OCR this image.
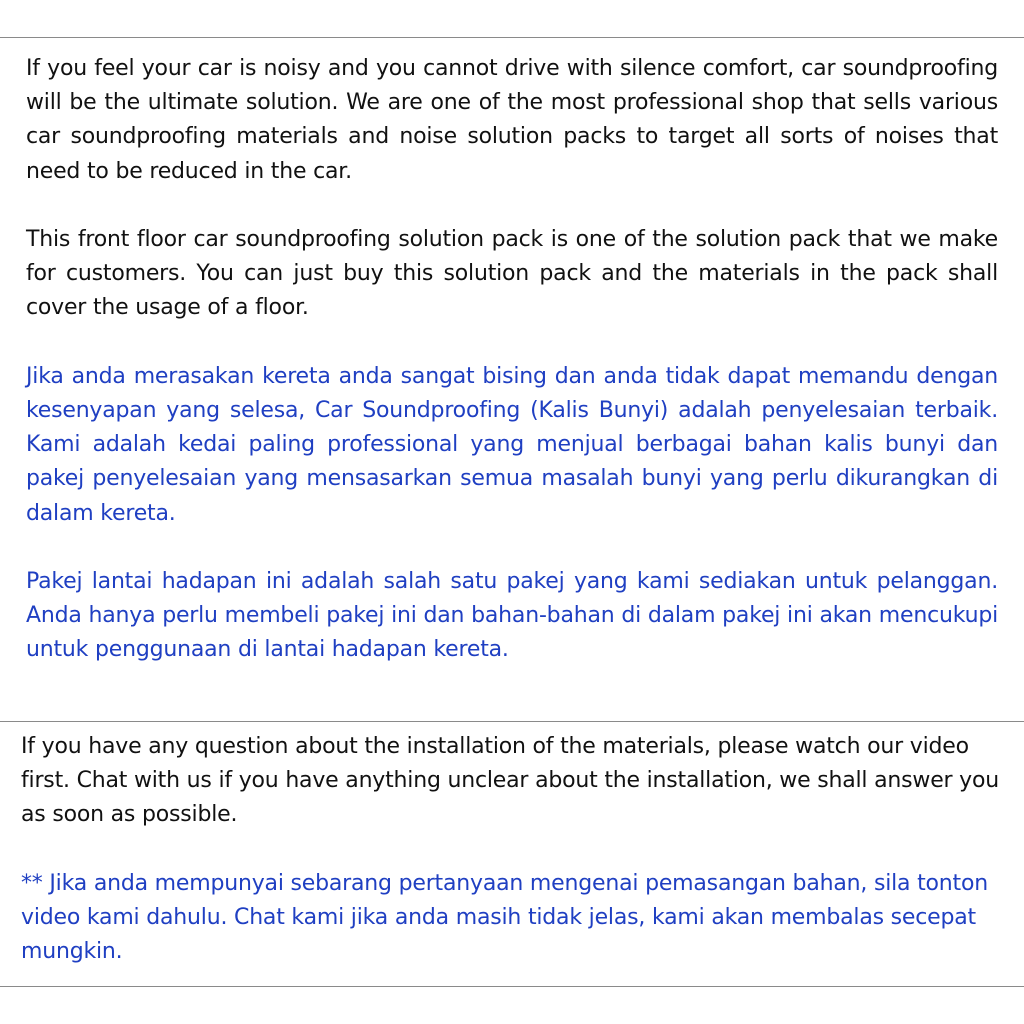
If you feel your car is noisy and you cannot drive with silence comfort, car soundproofing will be the ultimate solution. We are one of the most professional shop that sells various car soundproofing materials and noise solution packs to target all sorts of noises that need to be reduced in the car.

This front floor car soundproofing solution pack is one of the solution pack that we make for customers. You can just buy this solution pack and the materials in the pack shall cover the usage of a floor.

Jika anda merasakan kereta anda sangat bising dan anda tidak dapat memandu dengan kesenyapan yang selesa, Car Soundproofing (Kalis Bunyi) adalah penyelesaian terbaik. Kami adalah kedai paling professional yang menjual berbagai bahan kalis bunyi dan pakej penyelesaian yang mensasarkan semua masalah bunyi yang perlu dikurangkan di dalam kereta.

Pakej lantai hadapan ini adalah salah satu pakej yang kami sediakan untuk pelanggan. Anda hanya perlu membeli pakej ini dan bahan-bahan di dalam pakej ini akan mencukupi untuk penggunaan di lantai hadapan kereta.

If you have any question about the installation of the materials, please watch our video first. Chat with us if you have anything unclear about the installation, we shall answer you as soon as possible.

** Jika anda mempunyai sebarang pertanyaan mengenai pemasangan bahan, sila tonton video kami dahulu. Chat kami jika anda masih tidak jelas, kami akan membalas secepat mungkin.
